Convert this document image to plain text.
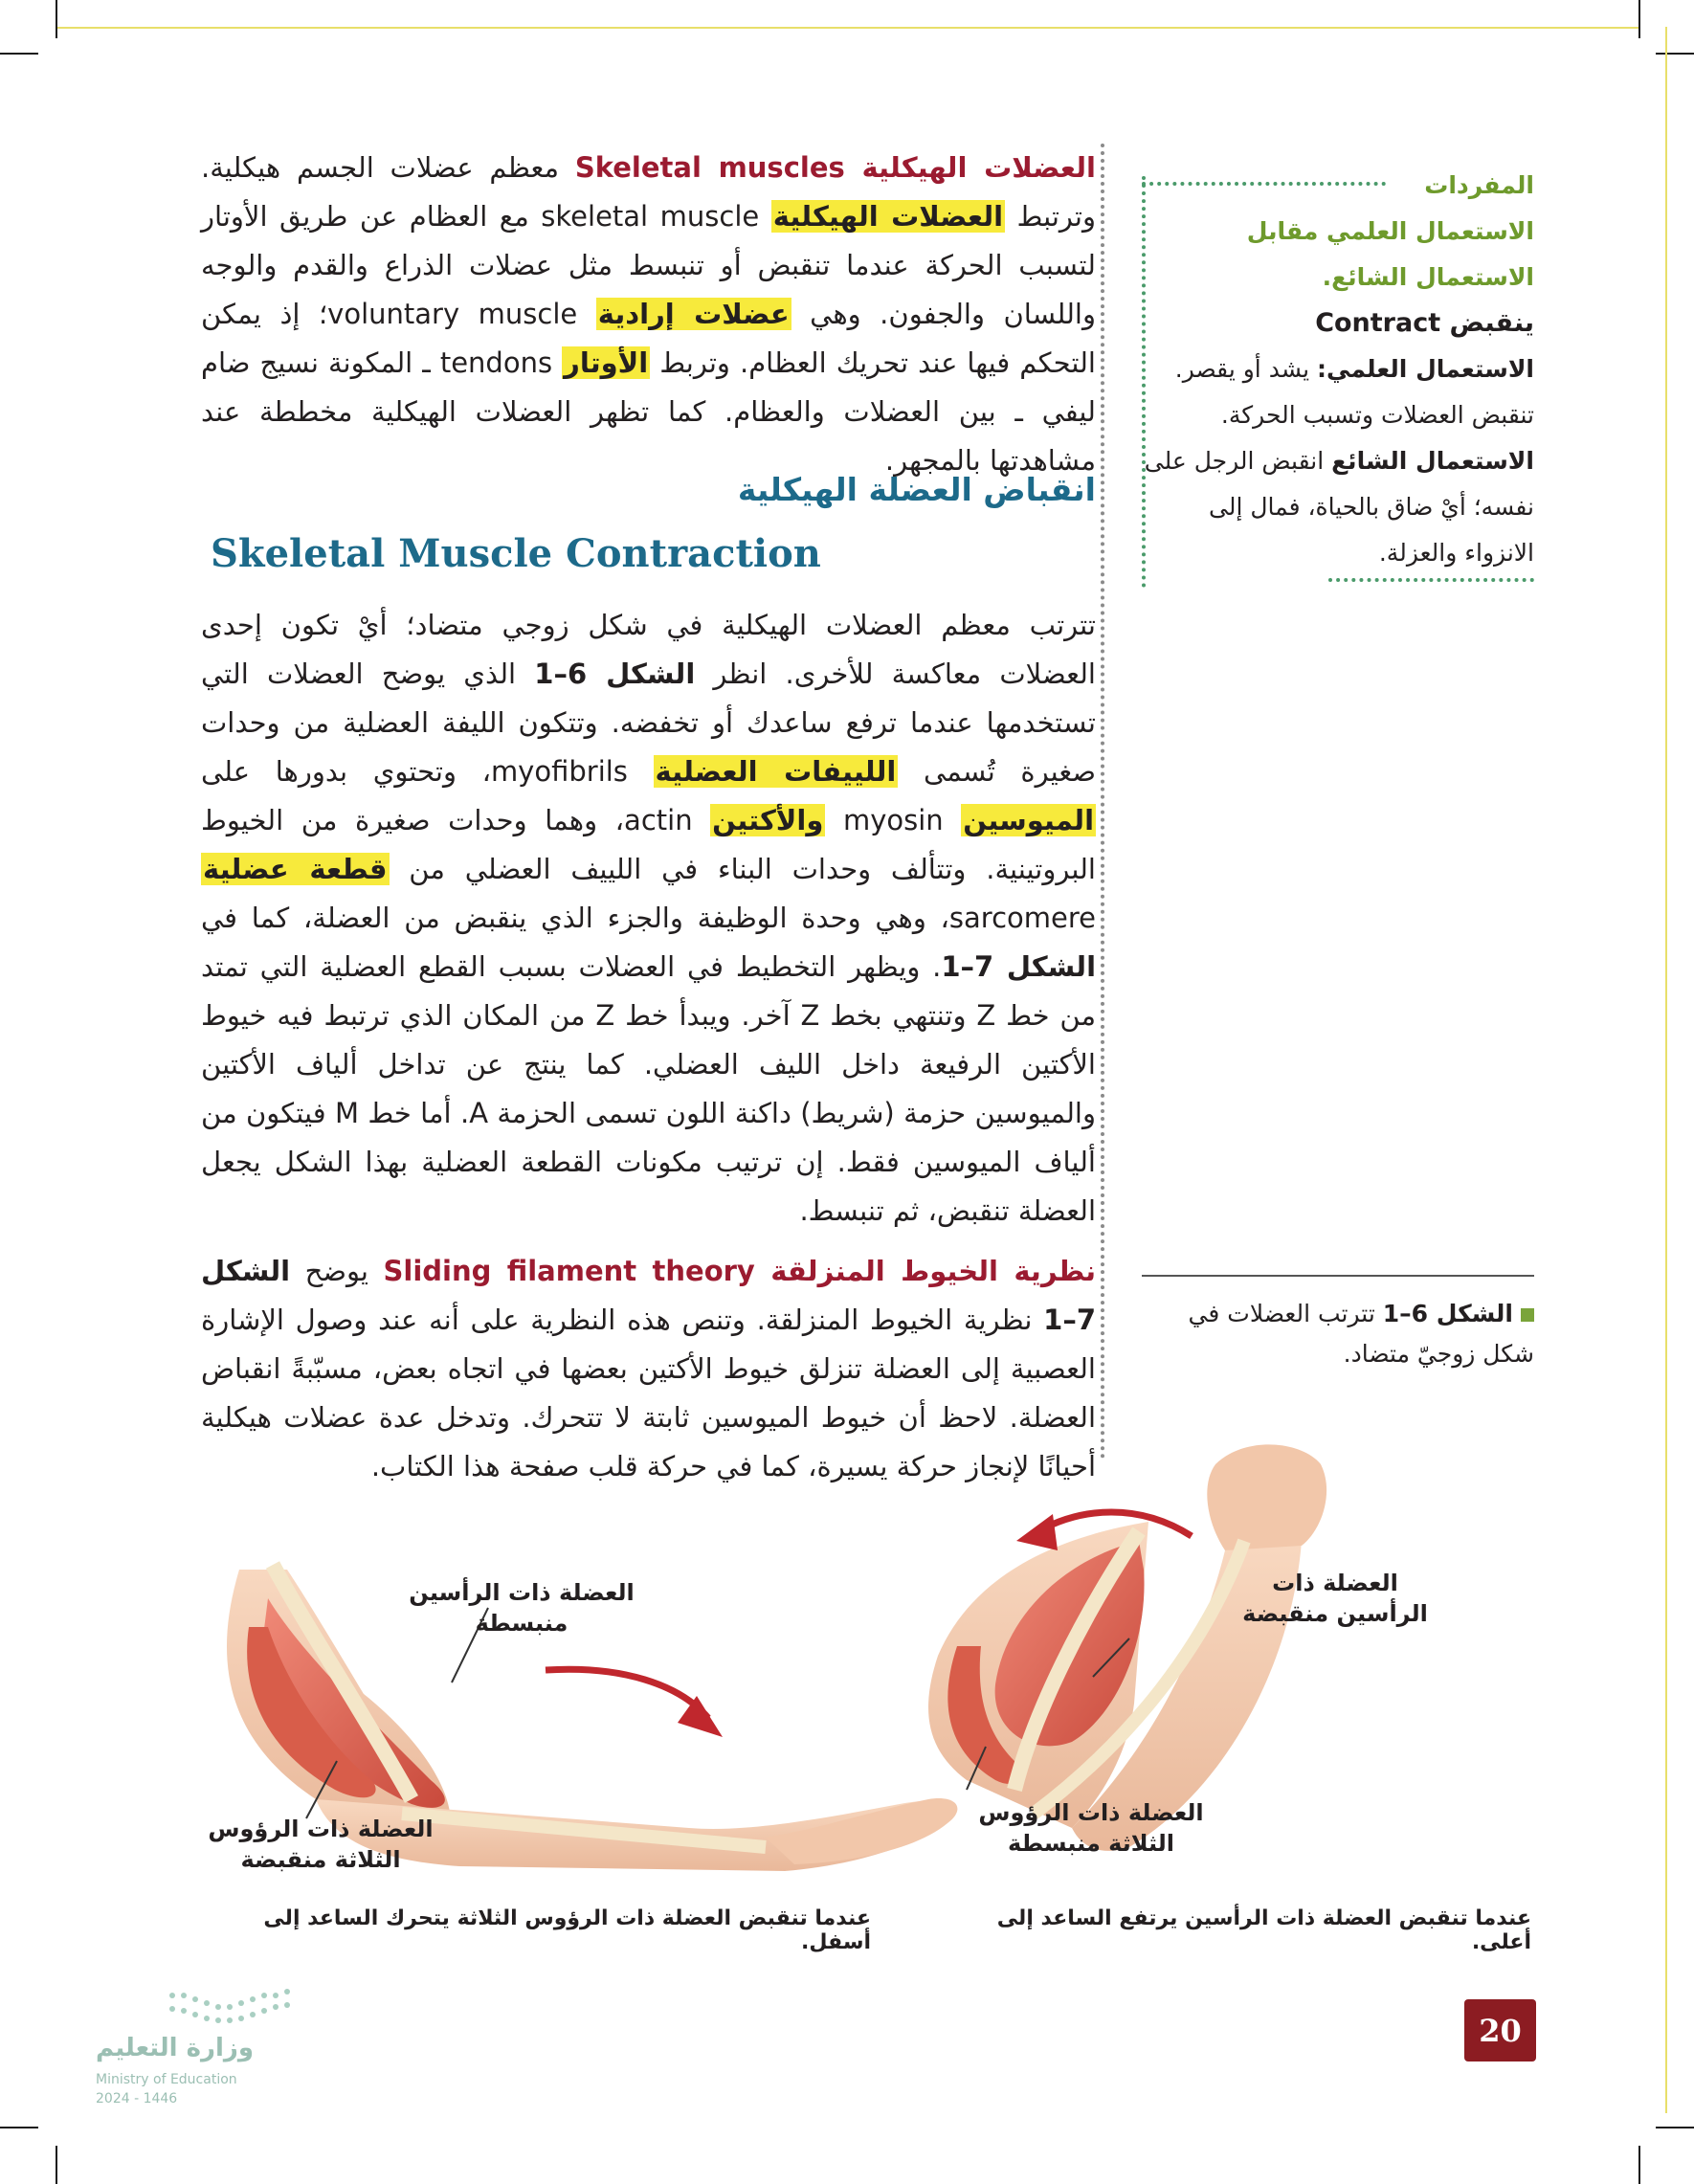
العضلات الهيكلية Skeletal muscles معظم عضلات الجسم هيكلية. وترتبط العضلات الهيكلية skeletal muscle مع العظام عن طريق الأوتار لتسبب الحركة عندما تنقبض أو تنبسط مثل عضلات الذراع والقدم والوجه واللسان والجفون. وهي عضلات إرادية voluntary muscle؛ إذ يمكن التحكم فيها عند تحريك العظام. وتربط الأوتار tendons ـ المكونة نسيج ضام ليفي ـ بين العضلات والعظام. كما تظهر العضلات الهيكلية مخططة عند مشاهدتها بالمجهر.

انقباض العضلة الهيكلية
Skeletal Muscle Contraction

تترتب معظم العضلات الهيكلية في شكل زوجي متضاد؛ أيْ تكون إحدى العضلات معاكسة للأخرى. انظر الشكل 6–1 الذي يوضح العضلات التي تستخدمها عندما ترفع ساعدك أو تخفضه. وتتكون الليفة العضلية من وحدات صغيرة تُسمى اللييفات العضلية myofibrils، وتحتوي بدورها على الميوسين myosin والأكتين actin، وهما وحدات صغيرة من الخيوط البروتينية. وتتألف وحدات البناء في اللييف العضلي من قطعة عضلية sarcomere، وهي وحدة الوظيفة والجزء الذي ينقبض من العضلة، كما في الشكل 7–1. ويظهر التخطيط في العضلات بسبب القطع العضلية التي تمتد من خط Z وتنتهي بخط Z آخر. ويبدأ خط Z من المكان الذي ترتبط فيه خيوط الأكتين الرفيعة داخل الليف العضلي. كما ينتج عن تداخل ألياف الأكتين والميوسين حزمة (شريط) داكنة اللون تسمى الحزمة A. أما خط M فيتكون من ألياف الميوسين فقط. إن ترتيب مكونات القطعة العضلية بهذا الشكل يجعل العضلة تنقبض، ثم تنبسط.

نظرية الخيوط المنزلقة Sliding filament theory يوضح الشكل 7–1 نظرية الخيوط المنزلقة. وتنص هذه النظرية على أنه عند وصول الإشارة العصبية إلى العضلة تنزلق خيوط الأكتين بعضها في اتجاه بعض، مسبّبةً انقباض العضلة. لاحظ أن خيوط الميوسين ثابتة لا تتحرك. وتدخل عدة عضلات هيكلية أحيانًا لإنجاز حركة يسيرة، كما في حركة قلب صفحة هذا الكتاب.

المفردات
الاستعمال العلمي مقابل
الاستعمال الشائع.
ينقبض Contract
الاستعمال العلمي: يشد أو يقصر. تنقبض العضلات وتسبب الحركة.
الاستعمال الشائع انقبض الرجل على نفسه؛ أيْ ضاق بالحياة، فمال إلى الانزواء والعزلة.
الشكل 6–1 تترتب العضلات في شكل زوجيّ متضاد.
العضلة ذات الرأسين منبسطة
العضلة ذات الرؤوس الثلاثة منقبضة
العضلة ذات الرأسين منقبضة
العضلة ذات الرؤوس الثلاثة منبسطة
عندما تنقبض العضلة ذات الرؤوس الثلاثة يتحرك الساعد إلى أسفل.
عندما تنقبض العضلة ذات الرأسين يرتفع الساعد إلى أعلى.
20
وزارة التعليم
Ministry of Education
2024 - 1446
